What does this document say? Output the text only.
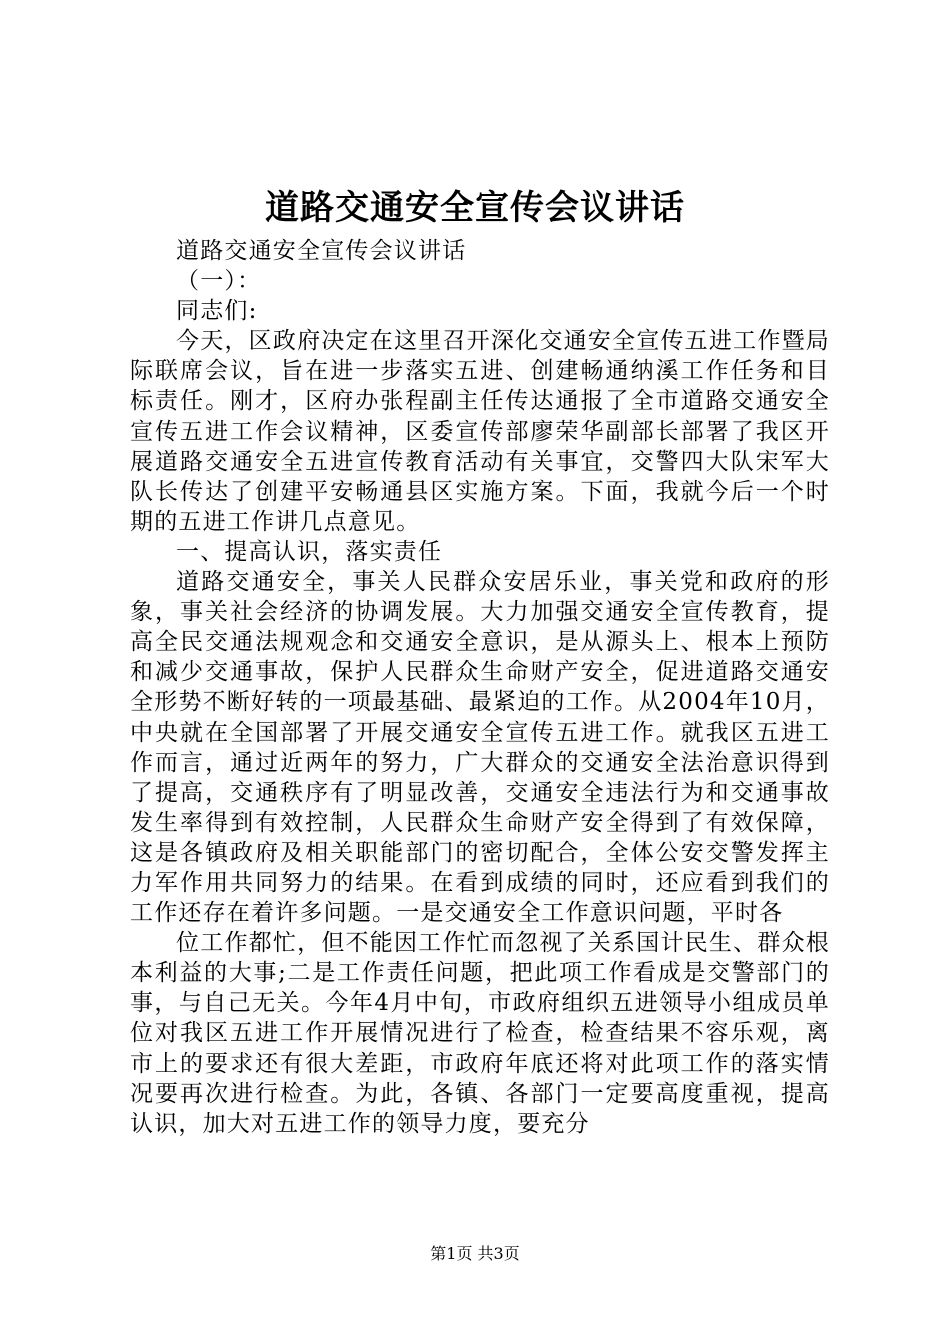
道路交通安全宣传会议讲话

道路交通安全宣传会议讲话

（一）：

同志们:

今天，区政府决定在这里召开深化交通安全宣传五进工作暨局际联席会议，旨在进一步落实五进、创建畅通纳溪工作任务和目标责任。刚才，区府办张程副主任传达通报了全市道路交通安全宣传五进工作会议精神，区委宣传部廖荣华副部长部署了我区开展道路交通安全五进宣传教育活动有关事宜，交警四大队宋军大队长传达了创建平安畅通县区实施方案。下面，我就今后一个时期的五进工作讲几点意见。

一、提高认识，落实责任

道路交通安全，事关人民群众安居乐业，事关党和政府的形象，事关社会经济的协调发展。大力加强交通安全宣传教育，提高全民交通法规观念和交通安全意识，是从源头上、根本上预防和减少交通事故，保护人民群众生命财产安全，促进道路交通安全形势不断好转的一项最基础、最紧迫的工作。从2004年10月，中央就在全国部署了开展交通安全宣传五进工作。就我区五进工作而言，通过近两年的努力，广大群众的交通安全法治意识得到了提高，交通秩序有了明显改善，交通安全违法行为和交通事故发生率得到有效控制，人民群众生命财产安全得到了有效保障，这是各镇政府及相关职能部门的密切配合，全体公安交警发挥主力军作用共同努力的结果。在看到成绩的同时，还应看到我们的工作还存在着许多问题。一是交通安全工作意识问题，平时各

位工作都忙，但不能因工作忙而忽视了关系国计民生、群众根本利益的大事;二是工作责任问题，把此项工作看成是交警部门的事，与自己无关。今年4月中旬，市政府组织五进领导小组成员单位对我区五进工作开展情况进行了检查，检查结果不容乐观，离市上的要求还有很大差距，市政府年底还将对此项工作的落实情况要再次进行检查。为此，各镇、各部门一定要高度重视，提高认识，加大对五进工作的领导力度，要充分

第1页 共3页
